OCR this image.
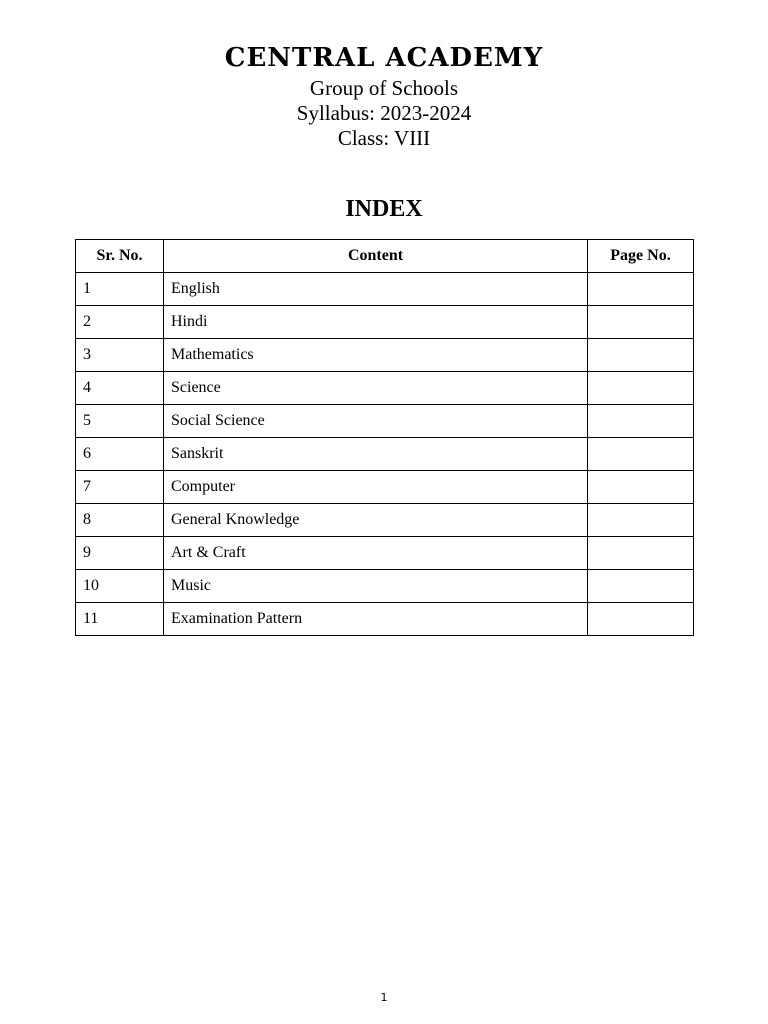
CENTRAL ACADEMY

Group of Schools

Syllabus: 2023-2024

Class: VIII

INDEX

Sr. No.	Content	Page No.
1	English	
2	Hindi	
3	Mathematics	
4	Science	
5	Social Science	
6	Sanskrit	
7	Computer	
8	General Knowledge	
9	Art & Craft	
10	Music	
11	Examination Pattern	
1
